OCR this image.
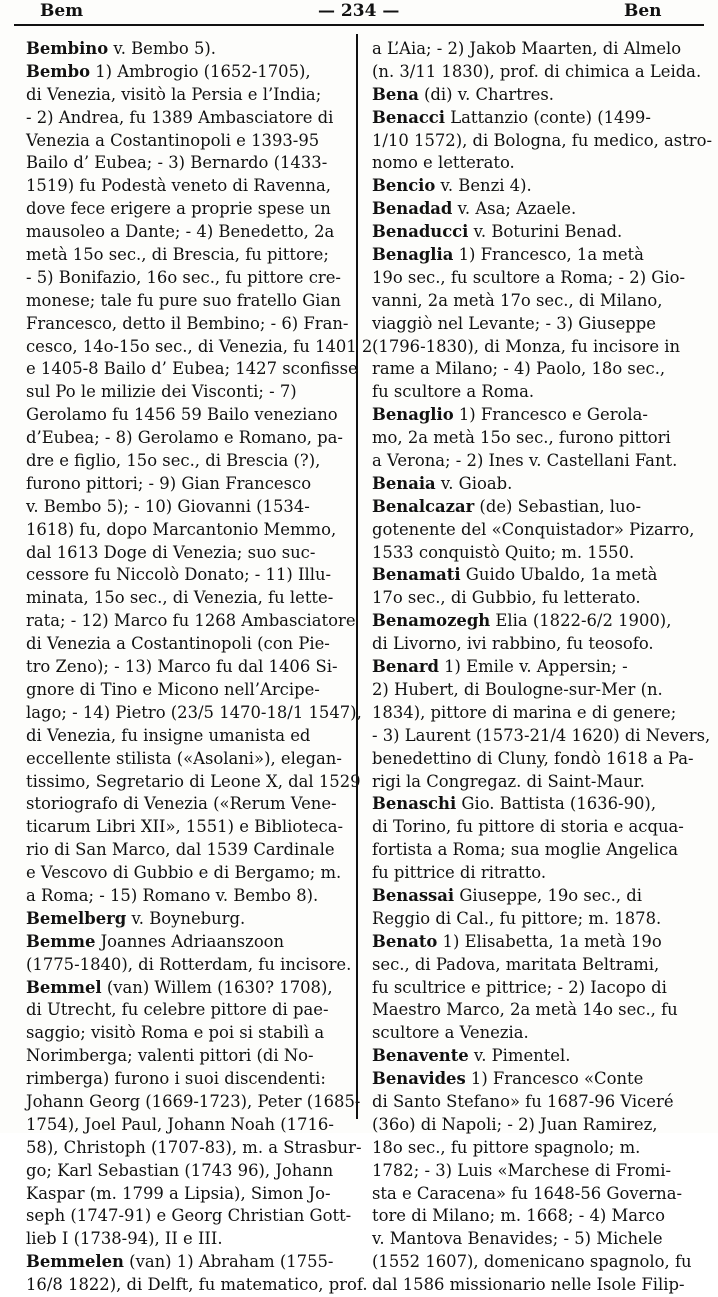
Bem	— 234 —	Ben
Bembino v. Bembo 5).
Bembo 1) Ambrogio (1652-1705),
di Venezia, visitò la Persia e l’India;
- 2) Andrea, fu 1389 Ambasciatore di
Venezia a Costantinopoli e 1393-95
Bailo d’ Eubea; - 3) Bernardo (1433-
1519) fu Podestà veneto di Ravenna,
dove fece erigere a proprie spese un
mausoleo a Dante; - 4) Benedetto, 2a
metà 15o sec., di Brescia, fu pittore;
- 5) Bonifazio, 16o sec., fu pittore cre-
monese; tale fu pure suo fratello Gian
Francesco, detto il Bembino; - 6) Fran-
cesco, 14o-15o sec., di Venezia, fu 1401 2
e 1405-8 Bailo d’ Eubea; 1427 sconfisse
sul Po le milizie dei Visconti; - 7)
Gerolamo fu 1456 59 Bailo veneziano
d’Eubea; - 8) Gerolamo e Romano, pa-
dre e figlio, 15o sec., di Brescia (?),
furono pittori; - 9) Gian Francesco
v. Bembo 5); - 10) Giovanni (1534-
1618) fu, dopo Marcantonio Memmo,
dal 1613 Doge di Venezia; suo suc-
cessore fu Niccolò Donato; - 11) Illu-
minata, 15o sec., di Venezia, fu lette-
rata; - 12) Marco fu 1268 Ambasciatore
di Venezia a Costantinopoli (con Pie-
tro Zeno); - 13) Marco fu dal 1406 Si-
gnore di Tino e Micono nell’Arcipe-
lago; - 14) Pietro (23/5 1470-18/1 1547),
di Venezia, fu insigne umanista ed
eccellente stilista («Asolani»), elegan-
tissimo, Segretario di Leone X, dal 1529
storiografo di Venezia («Rerum Vene-
ticarum Libri XII», 1551) e Biblioteca-
rio di San Marco, dal 1539 Cardinale
e Vescovo di Gubbio e di Bergamo; m.
a Roma; - 15) Romano v. Bembo 8).
Bemelberg v. Boyneburg.
Bemme Joannes Adriaanszoon
(1775-1840), di Rotterdam, fu incisore.
Bemmel (van) Willem (1630? 1708),
di Utrecht, fu celebre pittore di pae-
saggio; visitò Roma e poi si stabilì a
Norimberga; valenti pittori (di No-
rimberga) furono i suoi discendenti:
Johann Georg (1669-1723), Peter (1685-
1754), Joel Paul, Johann Noah (1716-
58), Christoph (1707-83), m. a Strasbur-
go; Karl Sebastian (1743 96), Johann
Kaspar (m. 1799 a Lipsia), Simon Jo-
seph (1747-91) e Georg Christian Gott-
lieb I (1738-94), II e III.
Bemmelen (van) 1) Abraham (1755-
16/8 1822), di Delft, fu matematico, prof.
a L’Aia; - 2) Jakob Maarten, di Almelo
(n. 3/11 1830), prof. di chimica a Leida.
Bena (di) v. Chartres.
Benacci Lattanzio (conte) (1499-
1/10 1572), di Bologna, fu medico, astro-
nomo e letterato.
Bencio v. Benzi 4).
Benadad v. Asa; Azaele.
Benaducci v. Boturini Benad.
Benaglia 1) Francesco, 1a metà
19o sec., fu scultore a Roma; - 2) Gio-
vanni, 2a metà 17o sec., di Milano,
viaggiò nel Levante; - 3) Giuseppe
(1796-1830), di Monza, fu incisore in
rame a Milano; - 4) Paolo, 18o sec.,
fu scultore a Roma.
Benaglio 1) Francesco e Gerola-
mo, 2a metà 15o sec., furono pittori
a Verona; - 2) Ines v. Castellani Fant.
Benaia v. Gioab.
Benalcazar (de) Sebastian, luo-
gotenente del «Conquistador» Pizarro,
1533 conquistò Quito; m. 1550.
Benamati Guido Ubaldo, 1a metà
17o sec., di Gubbio, fu letterato.
Benamozegh Elia (1822-6/2 1900),
di Livorno, ivi rabbino, fu teosofo.
Benard 1) Emile v. Appersin; -
2) Hubert, di Boulogne-sur-Mer (n.
1834), pittore di marina e di genere;
- 3) Laurent (1573-21/4 1620) di Nevers,
benedettino di Cluny, fondò 1618 a Pa-
rigi la Congregaz. di Saint-Maur.
Benaschi Gio. Battista (1636-90),
di Torino, fu pittore di storia e acqua-
fortista a Roma; sua moglie Angelica
fu pittrice di ritratto.
Benassai Giuseppe, 19o sec., di
Reggio di Cal., fu pittore; m. 1878.
Benato 1) Elisabetta, 1a metà 19o
sec., di Padova, maritata Beltrami,
fu scultrice e pittrice; - 2) Iacopo di
Maestro Marco, 2a metà 14o sec., fu
scultore a Venezia.
Benavente v. Pimentel.
Benavides 1) Francesco «Conte
di Santo Stefano» fu 1687-96 Viceré
(36o) di Napoli; - 2) Juan Ramirez,
18o sec., fu pittore spagnolo; m.
1782; - 3) Luis «Marchese di Fromi-
sta e Caracena» fu 1648-56 Governa-
tore di Milano; m. 1668; - 4) Marco
v. Mantova Benavides; - 5) Michele
(1552 1607), domenicano spagnolo, fu
dal 1586 missionario nelle Isole Filip-
